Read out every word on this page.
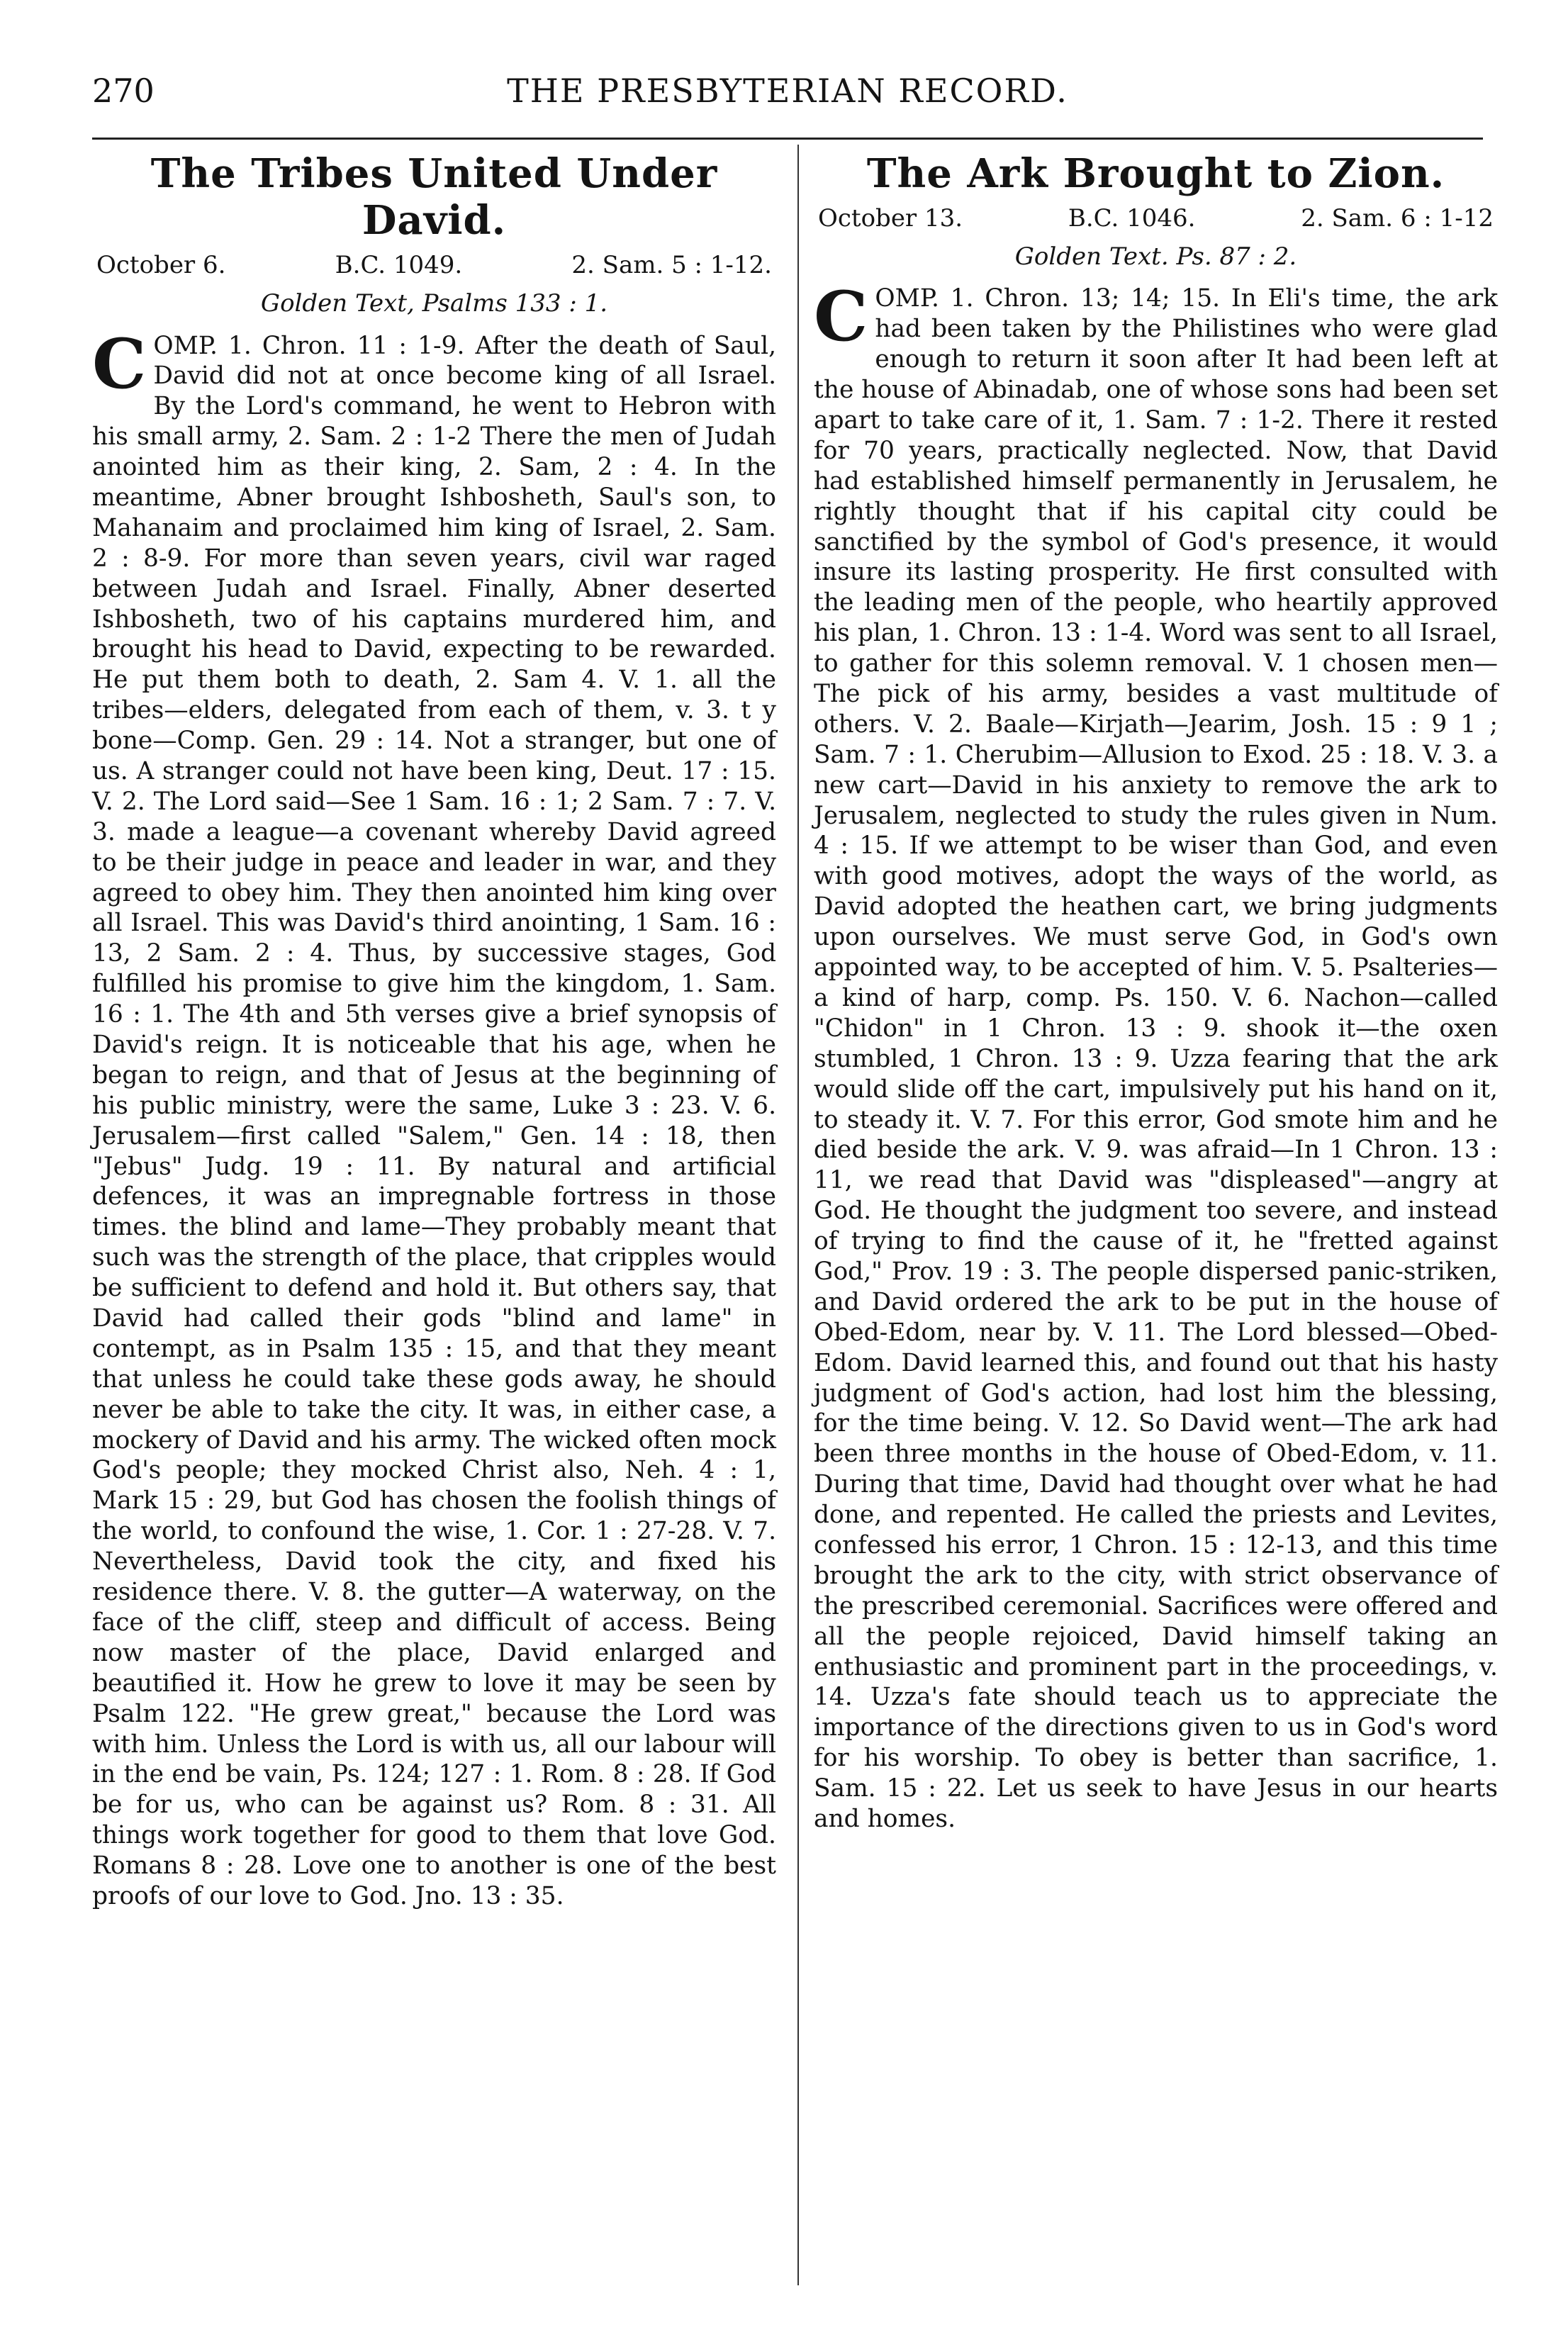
270	THE PRESBYTERIAN RECORD.
The Tribes United Under David.
October 6.	B.C. 1049.	2. Sam. 5 : 1-12.
Golden Text, Psalms 133 : 1.

COMP. 1. Chron. 11 : 1-9. After the death of Saul, David did not at once become king of all Israel. By the Lord's command, he went to Hebron with his small army, 2. Sam. 2 : 1-2 There the men of Judah anointed him as their king, 2. Sam, 2 : 4. In the meantime, Abner brought Ishbosheth, Saul's son, to Mahanaim and proclaimed him king of Israel, 2. Sam. 2 : 8-9. For more than seven years, civil war raged between Judah and Israel. Finally, Abner deserted Ishbosheth, two of his captains murdered him, and brought his head to David, expecting to be rewarded. He put them both to death, 2. Sam 4. V. 1. all the tribes—elders, delegated from each of them, v. 3. t y bone—Comp. Gen. 29 : 14. Not a stranger, but one of us. A stranger could not have been king, Deut. 17 : 15. V. 2. The Lord said—See 1 Sam. 16 : 1; 2 Sam. 7 : 7. V. 3. made a league—a covenant whereby David agreed to be their judge in peace and leader in war, and they agreed to obey him. They then anointed him king over all Israel. This was David's third anointing, 1 Sam. 16 : 13, 2 Sam. 2 : 4. Thus, by successive stages, God fulfilled his promise to give him the kingdom, 1. Sam. 16 : 1. The 4th and 5th verses give a brief synopsis of David's reign. It is noticeable that his age, when he began to reign, and that of Jesus at the beginning of his public ministry, were the same, Luke 3 : 23. V. 6. Jerusalem—first called "Salem," Gen. 14 : 18, then "Jebus" Judg. 19 : 11. By natural and artificial defences, it was an impregnable fortress in those times. the blind and lame—They probably meant that such was the strength of the place, that cripples would be sufficient to defend and hold it. But others say, that David had called their gods "blind and lame" in contempt, as in Psalm 135 : 15, and that they meant that unless he could take these gods away, he should never be able to take the city. It was, in either case, a mockery of David and his army. The wicked often mock God's people; they mocked Christ also, Neh. 4 : 1, Mark 15 : 29, but God has chosen the foolish things of the world, to confound the wise, 1. Cor. 1 : 27-28. V. 7. Nevertheless, David took the city, and fixed his residence there. V. 8. the gutter—A waterway, on the face of the cliff, steep and difficult of access. Being now master of the place, David enlarged and beautified it. How he grew to love it may be seen by Psalm 122. "He grew great," because the Lord was with him. Unless the Lord is with us, all our labour will in the end be vain, Ps. 124; 127 : 1. Rom. 8 : 28. If God be for us, who can be against us? Rom. 8 : 31. All things work together for good to them that love God. Romans 8 : 28. Love one to another is one of the best proofs of our love to God. Jno. 13 : 35.

The Ark Brought to Zion.
October 13.	B.C. 1046.	2. Sam. 6 : 1-12
Golden Text. Ps. 87 : 2.

COMP. 1. Chron. 13; 14; 15. In Eli's time, the ark had been taken by the Philistines who were glad enough to return it soon after It had been left at the house of Abinadab, one of whose sons had been set apart to take care of it, 1. Sam. 7 : 1-2. There it rested for 70 years, practically neglected. Now, that David had established himself permanently in Jerusalem, he rightly thought that if his capital city could be sanctified by the symbol of God's presence, it would insure its lasting prosperity. He first consulted with the leading men of the people, who heartily approved his plan, 1. Chron. 13 : 1-4. Word was sent to all Israel, to gather for this solemn removal. V. 1 chosen men—The pick of his army, besides a vast multitude of others. V. 2. Baale—Kirjath—Jearim, Josh. 15 : 9 1 ; Sam. 7 : 1. Cherubim—Allusion to Exod. 25 : 18. V. 3. a new cart—David in his anxiety to remove the ark to Jerusalem, neglected to study the rules given in Num. 4 : 15. If we attempt to be wiser than God, and even with good motives, adopt the ways of the world, as David adopted the heathen cart, we bring judgments upon ourselves. We must serve God, in God's own appointed way, to be accepted of him. V. 5. Psalteries—a kind of harp, comp. Ps. 150. V. 6. Nachon—called "Chidon" in 1 Chron. 13 : 9. shook it—the oxen stumbled, 1 Chron. 13 : 9. Uzza fearing that the ark would slide off the cart, impulsively put his hand on it, to steady it. V. 7. For this error, God smote him and he died beside the ark. V. 9. was afraid—In 1 Chron. 13 : 11, we read that David was "displeased"—angry at God. He thought the judgment too severe, and instead of trying to find the cause of it, he "fretted against God," Prov. 19 : 3. The people dispersed panic-striken, and David ordered the ark to be put in the house of Obed-Edom, near by. V. 11. The Lord blessed—Obed-Edom. David learned this, and found out that his hasty judgment of God's action, had lost him the blessing, for the time being. V. 12. So David went—The ark had been three months in the house of Obed-Edom, v. 11. During that time, David had thought over what he had done, and repented. He called the priests and Levites, confessed his error, 1 Chron. 15 : 12-13, and this time brought the ark to the city, with strict observance of the prescribed ceremonial. Sacrifices were offered and all the people rejoiced, David himself taking an enthusiastic and prominent part in the proceedings, v. 14. Uzza's fate should teach us to appreciate the importance of the directions given to us in God's word for his worship. To obey is better than sacrifice, 1. Sam. 15 : 22. Let us seek to have Jesus in our hearts and homes.
